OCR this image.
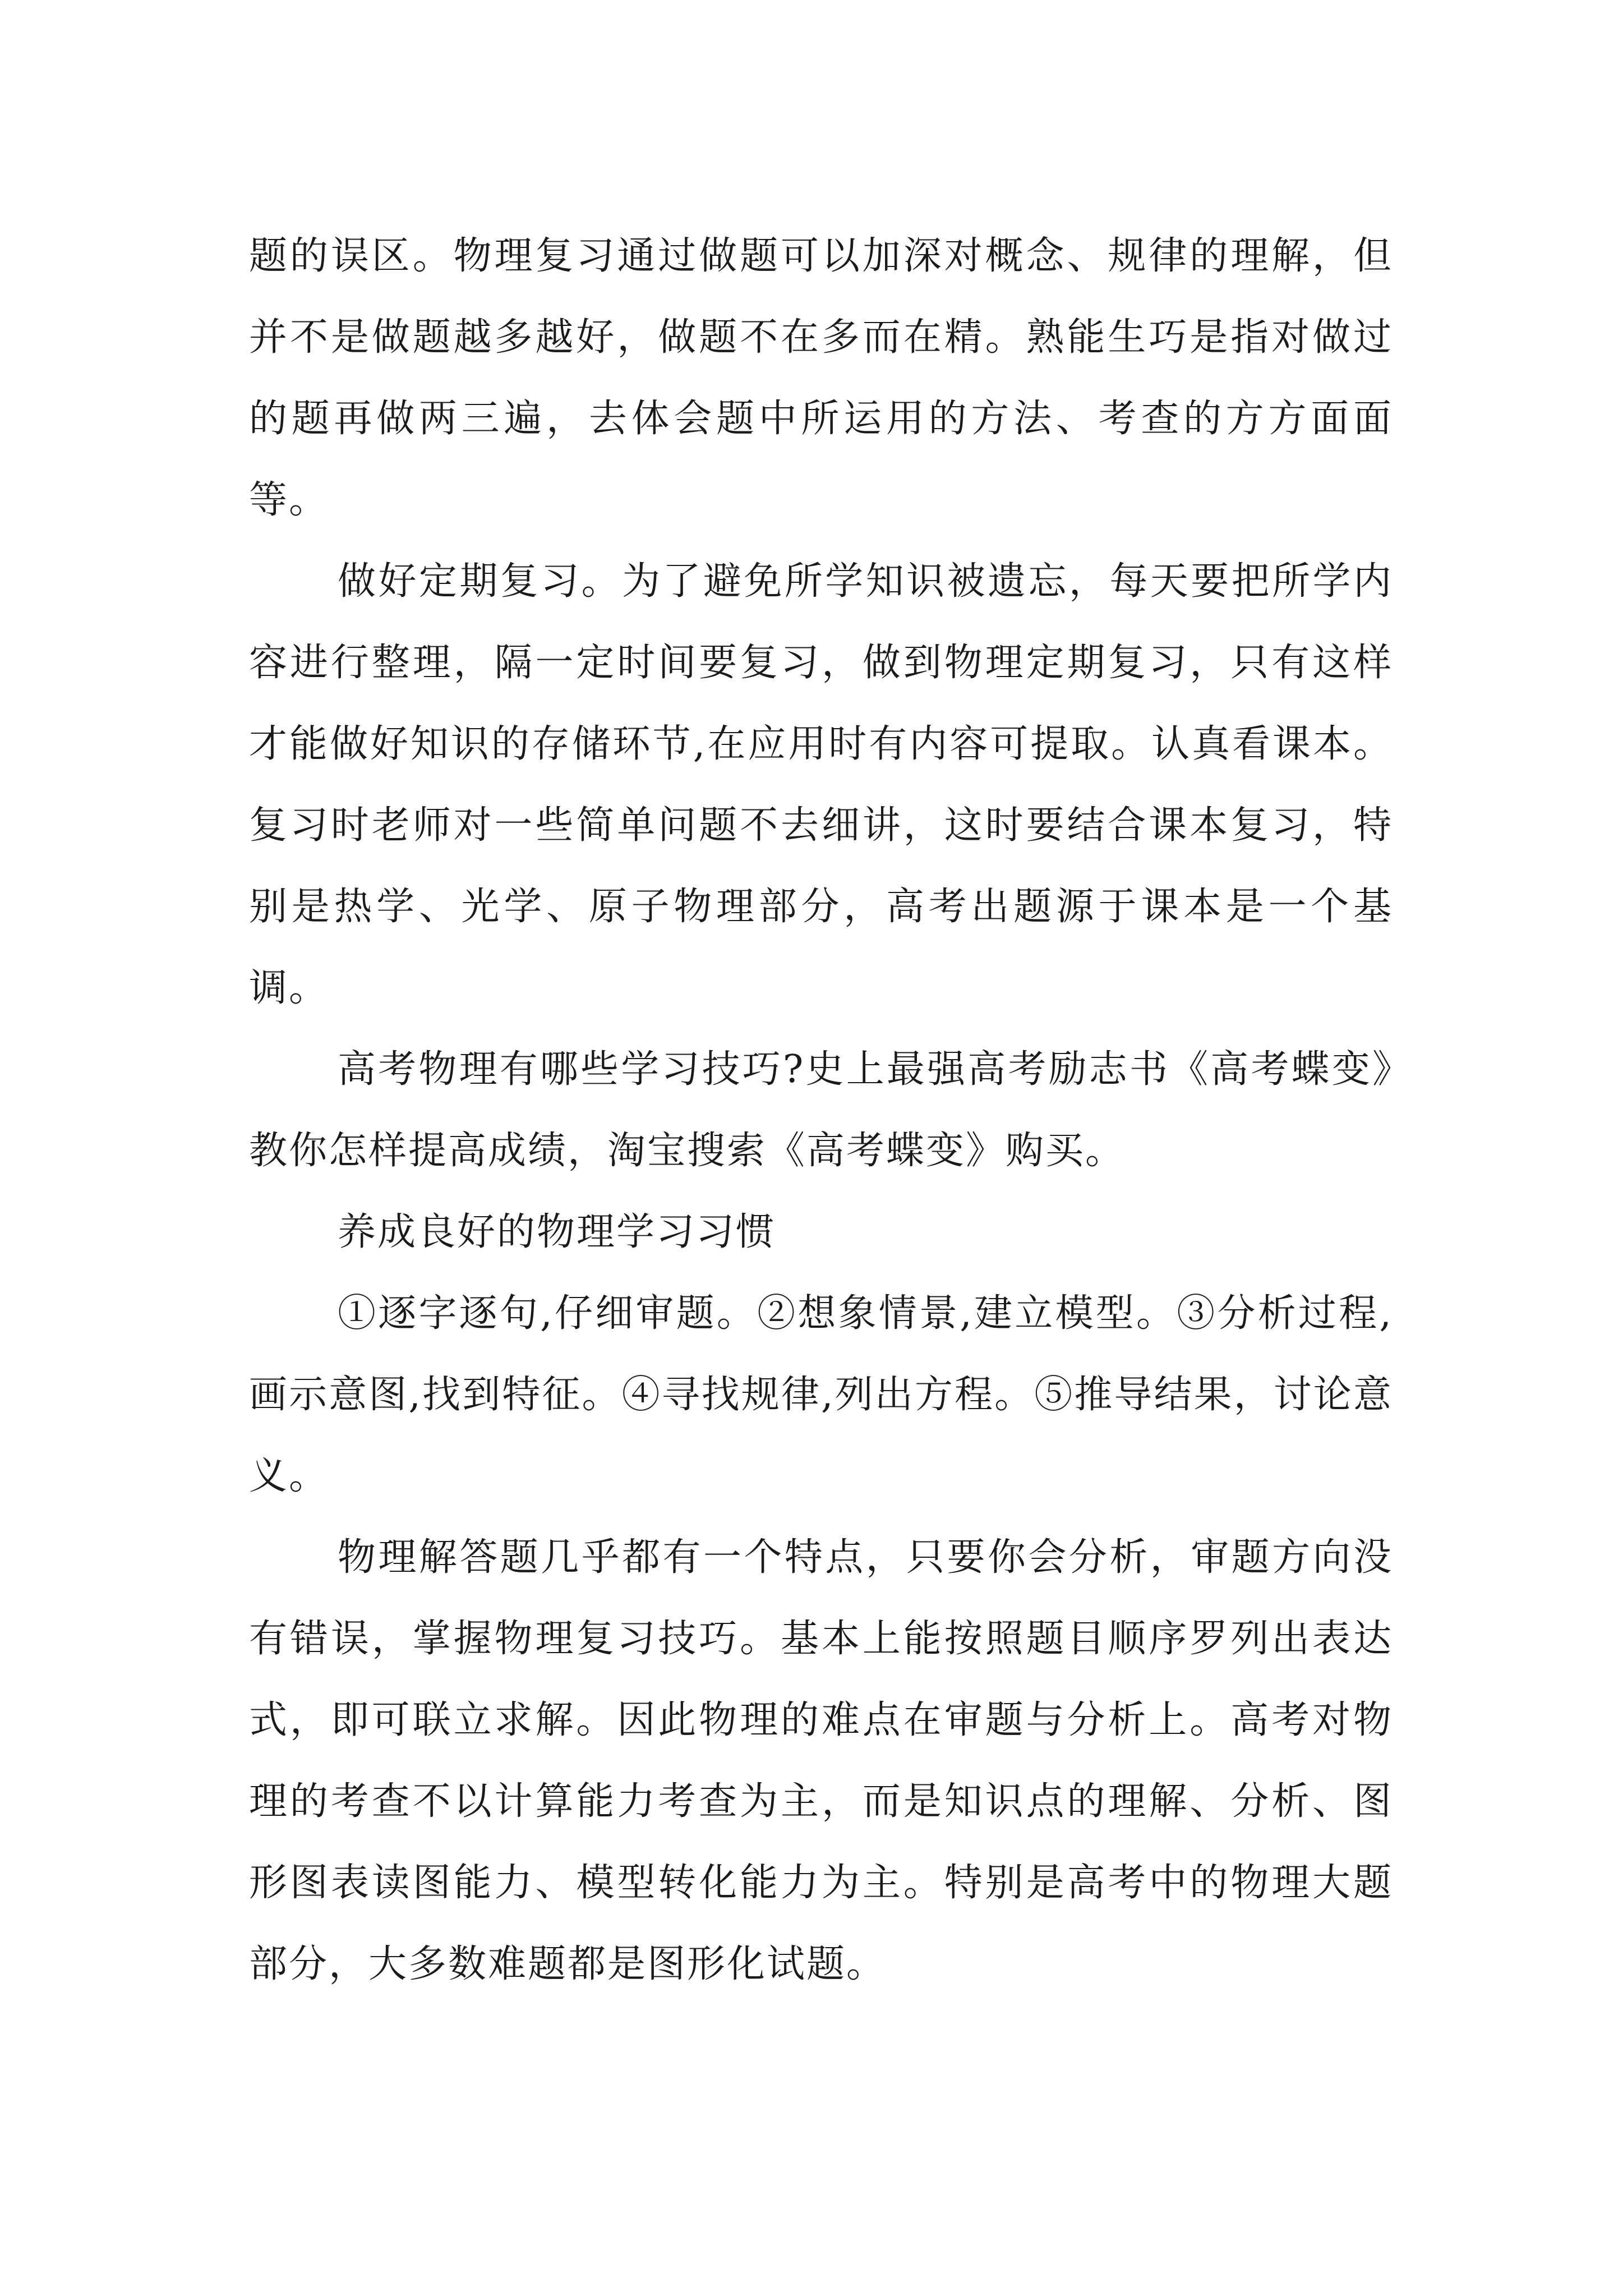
题的误区。物理复习通过做题可以加深对概念、规律的理解，但并不是做题越多越好，做题不在多而在精。熟能生巧是指对做过的题再做两三遍，去体会题中所运用的方法、考查的方方面面等。

做好定期复习。为了避免所学知识被遗忘，每天要把所学内容进行整理，隔一定时间要复习，做到物理定期复习，只有这样才能做好知识的存储环节,在应用时有内容可提取。认真看课本。复习时老师对一些简单问题不去细讲，这时要结合课本复习，特别是热学、光学、原子物理部分，高考出题源于课本是一个基调。

高考物理有哪些学习技巧?史上最强高考励志书《高考蝶变》教你怎样提高成绩，淘宝搜索《高考蝶变》购买。

养成良好的物理学习习惯

①逐字逐句,仔细审题。②想象情景,建立模型。③分析过程,画示意图,找到特征。④寻找规律,列出方程。⑤推导结果，讨论意义。

物理解答题几乎都有一个特点，只要你会分析，审题方向没有错误，掌握物理复习技巧。基本上能按照题目顺序罗列出表达式，即可联立求解。因此物理的难点在审题与分析上。高考对物理的考查不以计算能力考查为主，而是知识点的理解、分析、图形图表读图能力、模型转化能力为主。特别是高考中的物理大题部分，大多数难题都是图形化试题。
